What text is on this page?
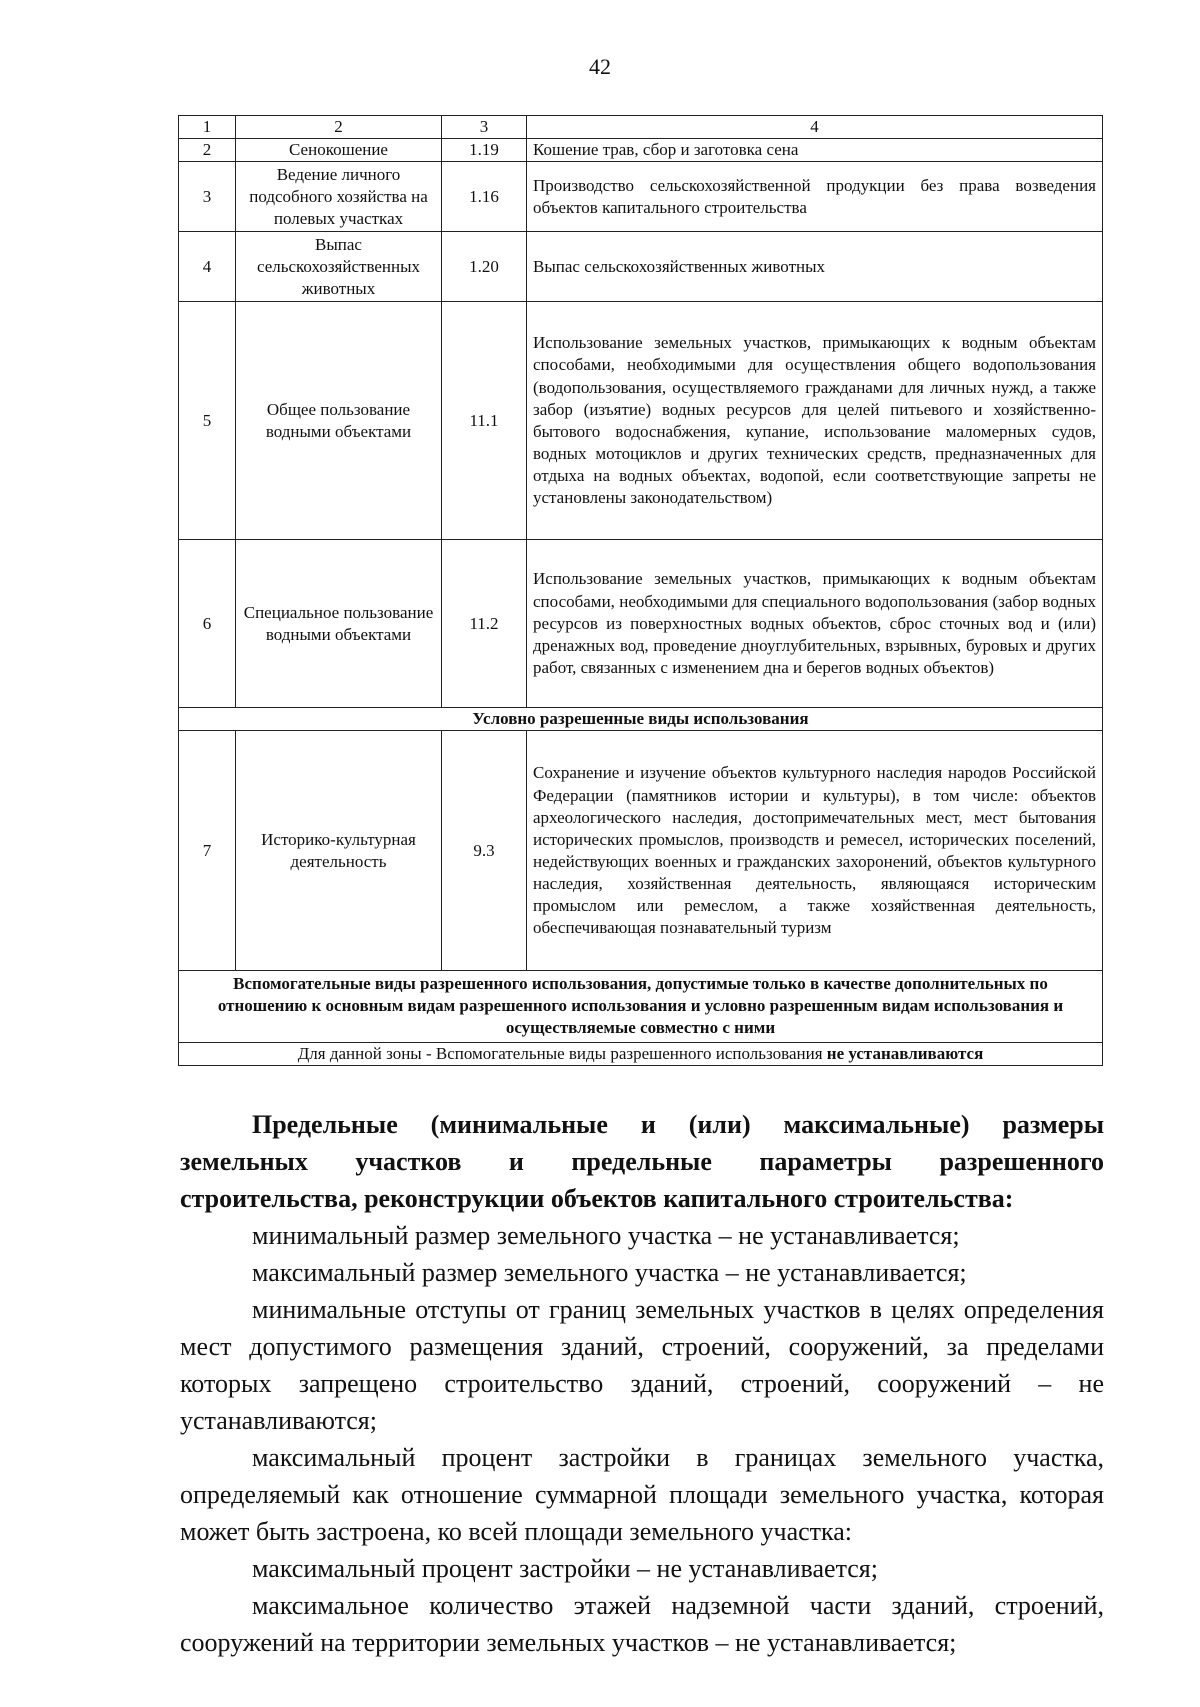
42
1	2	3	4
2	Сенокошение	1.19	Кошение трав, сбор и заготовка сена
3	Ведение личного подсобного хозяйства на полевых участках	1.16	Производство сельскохозяйственной продукции без права возведения объектов капитального строительства
4	Выпас сельскохозяйственных животных	1.20	Выпас сельскохозяйственных животных
5	Общее пользование водными объектами	11.1	Использование земельных участков, примыкающих к водным объектам способами, необходимыми для осуществления общего водопользования (водопользования, осуществляемого гражданами для личных нужд, а также забор (изъятие) водных ресурсов для целей питьевого и хозяйственно-бытового водоснабжения, купание, использование маломерных судов, водных мотоциклов и других технических средств, предназначенных для отдыха на водных объектах, водопой, если соответствующие запреты не установлены законодательством)
6	Специальное пользование водными объектами	11.2	Использование земельных участков, примыкающих к водным объектам способами, необходимыми для специального водопользования (забор водных ресурсов из поверхностных водных объектов, сброс сточных вод и (или) дренажных вод, проведение дноуглубительных, взрывных, буровых и других работ, связанных с изменением дна и берегов водных объектов)
Условно разрешенные виды использования			
7	Историко-культурная деятельность	9.3	Сохранение и изучение объектов культурного наследия народов Российской Федерации (памятников истории и культуры), в том числе: объектов археологического наследия, достопримечательных мест, мест бытования исторических промыслов, производств и ремесел, исторических поселений, недействующих военных и гражданских захоронений, объектов культурного наследия, хозяйственная деятельность, являющаяся историческим промыслом или ремеслом, а также хозяйственная деятельность, обеспечивающая познавательный туризм
Вспомогательные виды разрешенного использования, допустимые только в качестве дополнительных по отношению к основным видам разрешенного использования и условно разрешенным видам использования и осуществляемые совместно с ними			
Для данной зоны - Вспомогательные виды разрешенного использования не устанавливаются			

Предельные (минимальные и (или) максимальные) размеры

земельных участков и предельные параметры разрешенного

строительства, реконструкции объектов капитального строительства:

минимальный размер земельного участка – не устанавливается;

максимальный размер земельного участка – не устанавливается;

минимальные отступы от границ земельных участков в целях определения мест допустимого размещения зданий, строений, сооружений, за пределами которых запрещено строительство зданий, строений, сооружений – не устанавливаются;

максимальный процент застройки в границах земельного участка, определяемый как отношение суммарной площади земельного участка, которая может быть застроена, ко всей площади земельного участка:

максимальный процент застройки – не устанавливается;

максимальное количество этажей надземной части зданий, строений, сооружений на территории земельных участков – не устанавливается;
